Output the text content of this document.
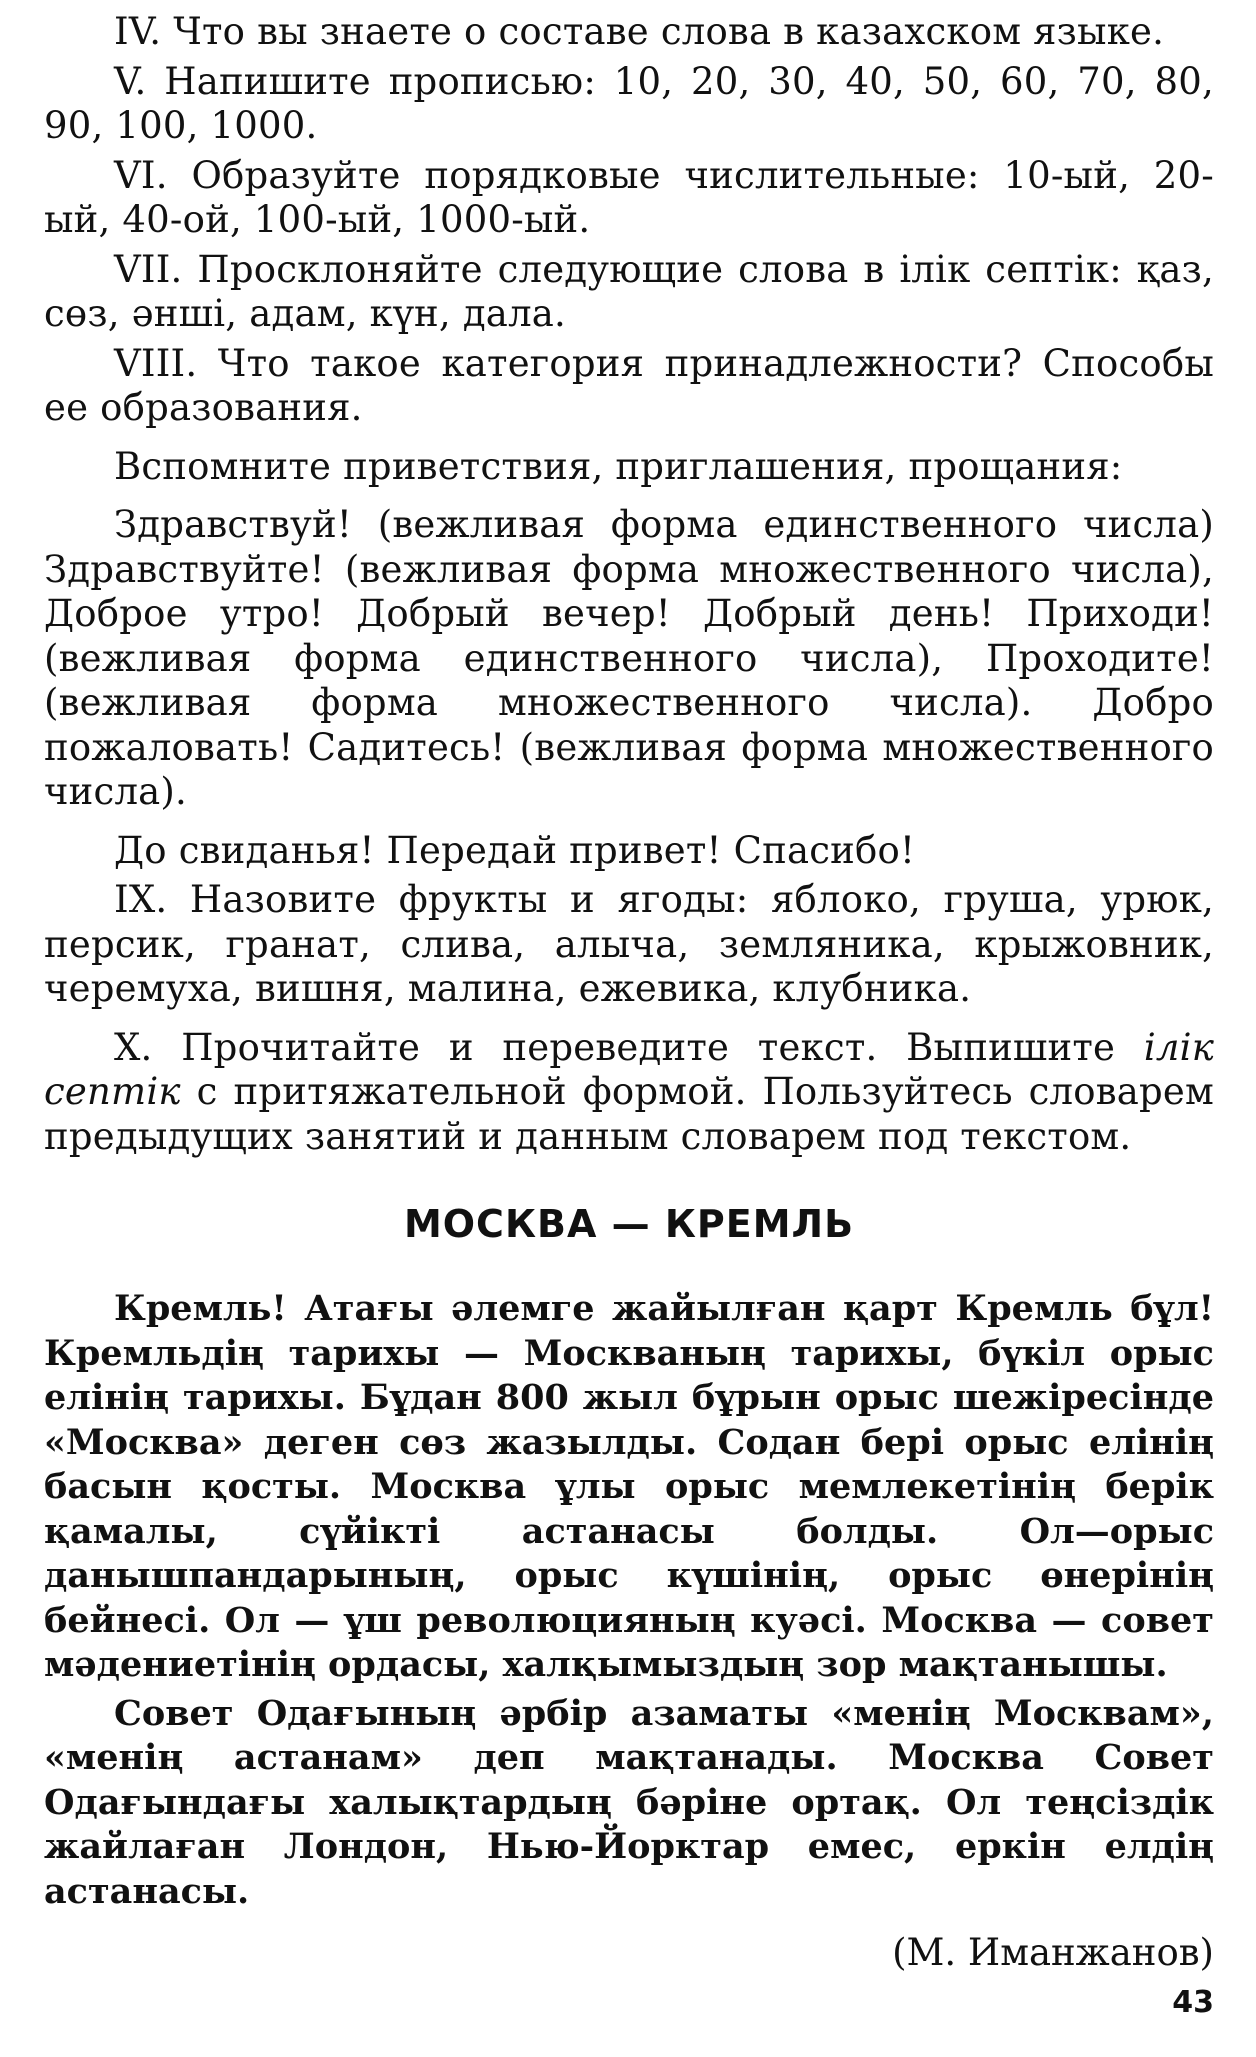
IV. Что вы знаете о составе слова в казахском языке.

V. Напишите прописью: 10, 20, 30, 40, 50, 60, 70, 80, 90, 100, 1000.

VI. Образуйте порядковые числительные: 10-ый, 20-ый, 40-ой, 100-ый, 1000-ый.

VII. Просклоняйте следующие слова в ілік септік: қаз, сөз, әншi, адам, күн, дала.

VIII. Что такое категория принадлежности? Способы ее образования.

Вспомните приветствия, приглашения, прощания:

Здравствуй! (вежливая форма единственного числа) Здравствуйте! (вежливая форма множественного числа), Доброе утро! Добрый вечер! Добрый день! Приходи! (вежливая форма единственного числа), Проходите! (вежливая форма множественного числа). Добро пожаловать! Садитесь! (вежливая форма множественного числа).

До свиданья! Передай привет! Спасибо!

IX. Назовите фрукты и ягоды: яблоко, груша, урюк, персик, гранат, слива, алыча, земляника, крыжовник, черемуха, вишня, малина, ежевика, клубника.

X. Прочитайте и переведите текст. Выпишите ілік септік с притяжательной формой. Пользуйтесь словарем предыдущих занятий и данным словарем под текстом.

МОСКВА — КРЕМЛЬ

Кремль! Атағы әлемге жайылған қарт Кремль бұл! Кремльдің тарихы — Москваның тарихы, бүкіл орыс елінің тарихы. Бұдан 800 жыл бұрын орыс шежіресінде «Москва» деген сөз жазылды. Содан бері орыс елінің басын қосты. Москва ұлы орыс мемлекетінің берік қамалы, сүйікті астанасы болды. Ол—орыс данышпандарының, орыс күшінің, орыс өнерінің бейнесі. Ол — ұш революцияның куәсі. Москва — совет мәдениетінің ордасы, халқымыздың зор мақтанышы.

Совет Одағының әрбір азаматы «менің Москвам», «менің астанам» деп мақтанады. Москва Совет Одағындағы халықтардың бәріне ортақ. Ол теңсіздік жайлаған Лондон, Нью-Йорктар емес, еркін елдің астанасы.

(М. Иманжанов)
43
